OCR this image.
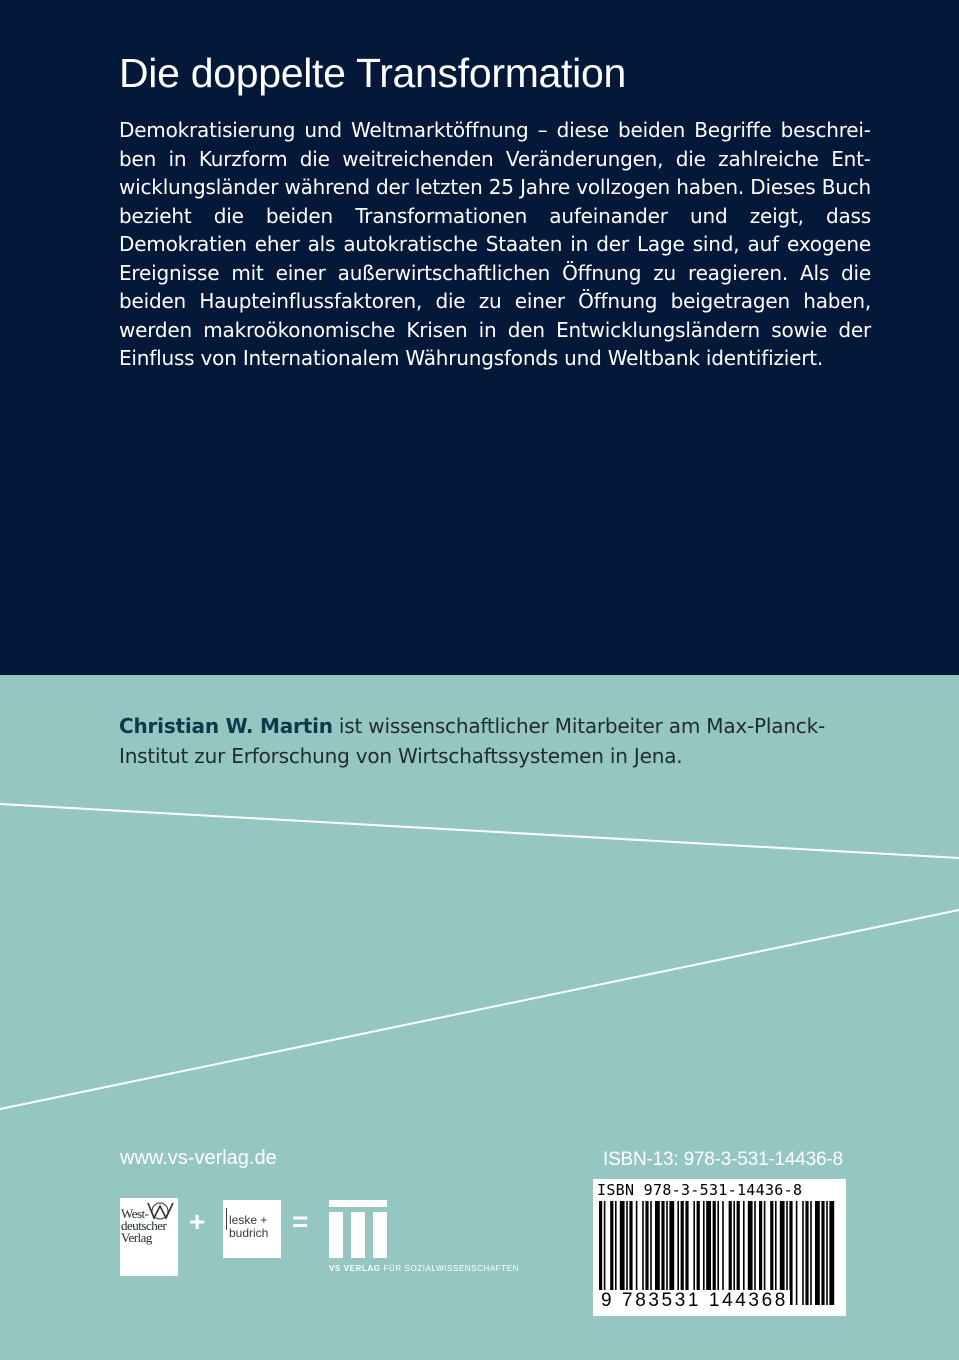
Die doppelte Transformation

Demokratisierung und Weltmarktöffnung – diese beiden Begriffe beschreiben in Kurzform die weitreichenden Veränderungen, die zahlreiche Entwicklungsländer während der letzten 25 Jahre vollzogen haben. Dieses Buch bezieht die beiden Transformationen aufeinander und zeigt, dass Demokratien eher als autokratische Staaten in der Lage sind, auf exogene Ereignisse mit einer außerwirtschaftlichen Öffnung zu reagieren. Als die beiden Haupteinflussfaktoren, die zu einer Öffnung beigetragen haben, werden makroökonomische Krisen in den Entwicklungsländern sowie der Einfluss von Internationalem Währungsfonds und Weltbank identifiziert.

Christian W. Martin ist wissenschaftlicher Mitarbeiter am Max-Planck-Institut zur Erforschung von Wirtschaftssystemen in Jena.

www.vs-verlag.de	ISBN-13: 978-3-531-14436-8
West-
deutscher
Verlag
+ leske +
budrich =
VS VERLAG FÜR SOZIALWISSENSCHAFTEN
ISBN 978-3-531-14436-8
9 783531 144368
